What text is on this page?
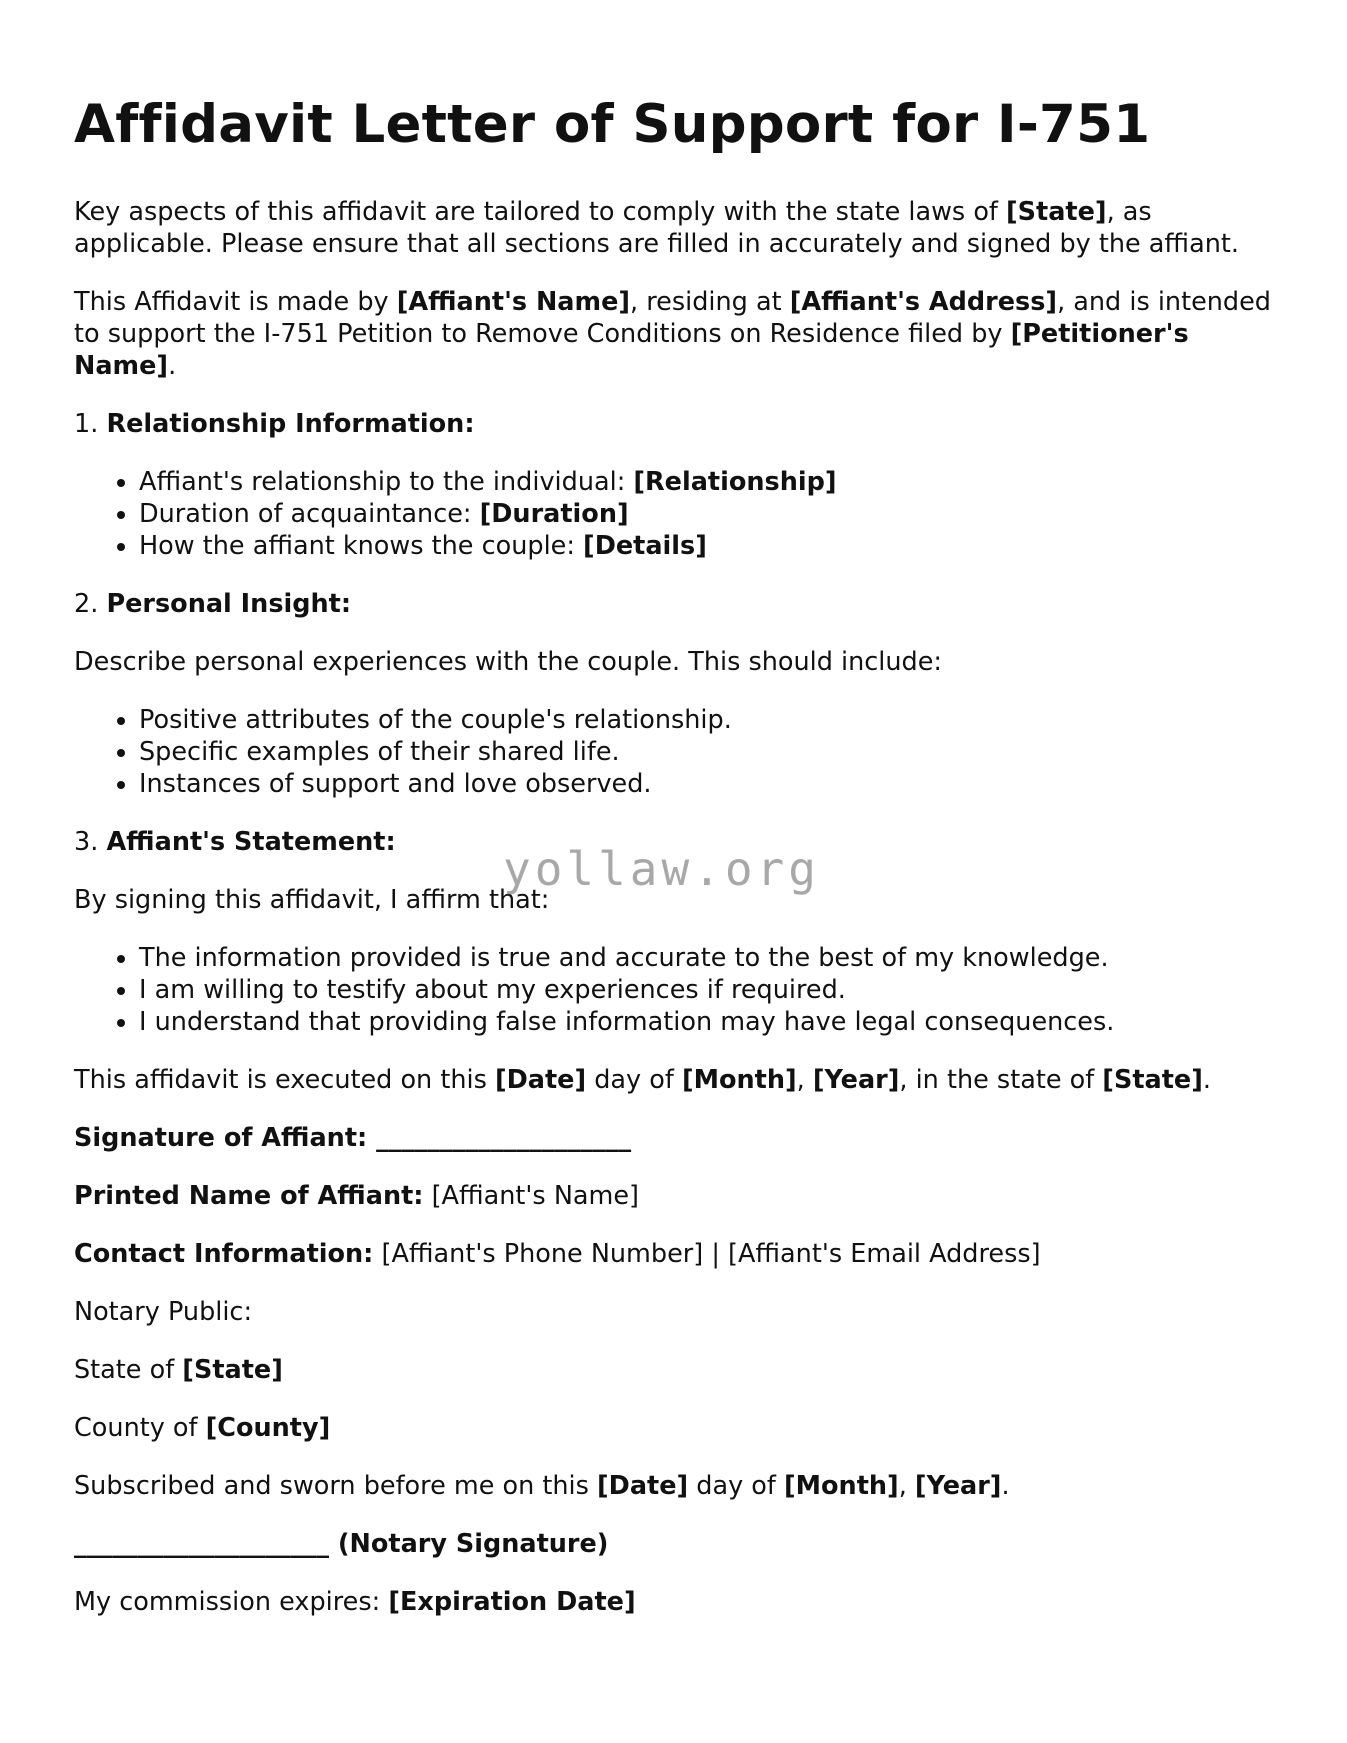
Affidavit Letter of Support for I-751

Key aspects of this affidavit are tailored to comply with the state laws of [State], as applicable. Please ensure that all sections are filled in accurately and signed by the affiant.

This Affidavit is made by [Affiant's Name], residing at [Affiant's Address], and is intended to support the I-751 Petition to Remove Conditions on Residence filed by [Petitioner's Name].

1. Relationship Information:

• Affiant's relationship to the individual: [Relationship]
• Duration of acquaintance: [Duration]
• How the affiant knows the couple: [Details]

2. Personal Insight:

Describe personal experiences with the couple. This should include:

• Positive attributes of the couple's relationship.
• Specific examples of their shared life.
• Instances of support and love observed.

3. Affiant's Statement:

By signing this affidavit, I affirm that:

• The information provided is true and accurate to the best of my knowledge.
• I am willing to testify about my experiences if required.
• I understand that providing false information may have legal consequences.

This affidavit is executed on this [Date] day of [Month], [Year], in the state of [State].

Signature of Affiant: ____________________

Printed Name of Affiant: [Affiant's Name]

Contact Information: [Affiant's Phone Number] | [Affiant's Email Address]

Notary Public:

State of [State]

County of [County]

Subscribed and sworn before me on this [Date] day of [Month], [Year].

____________________ (Notary Signature)

My commission expires: [Expiration Date]

yollaw.org
